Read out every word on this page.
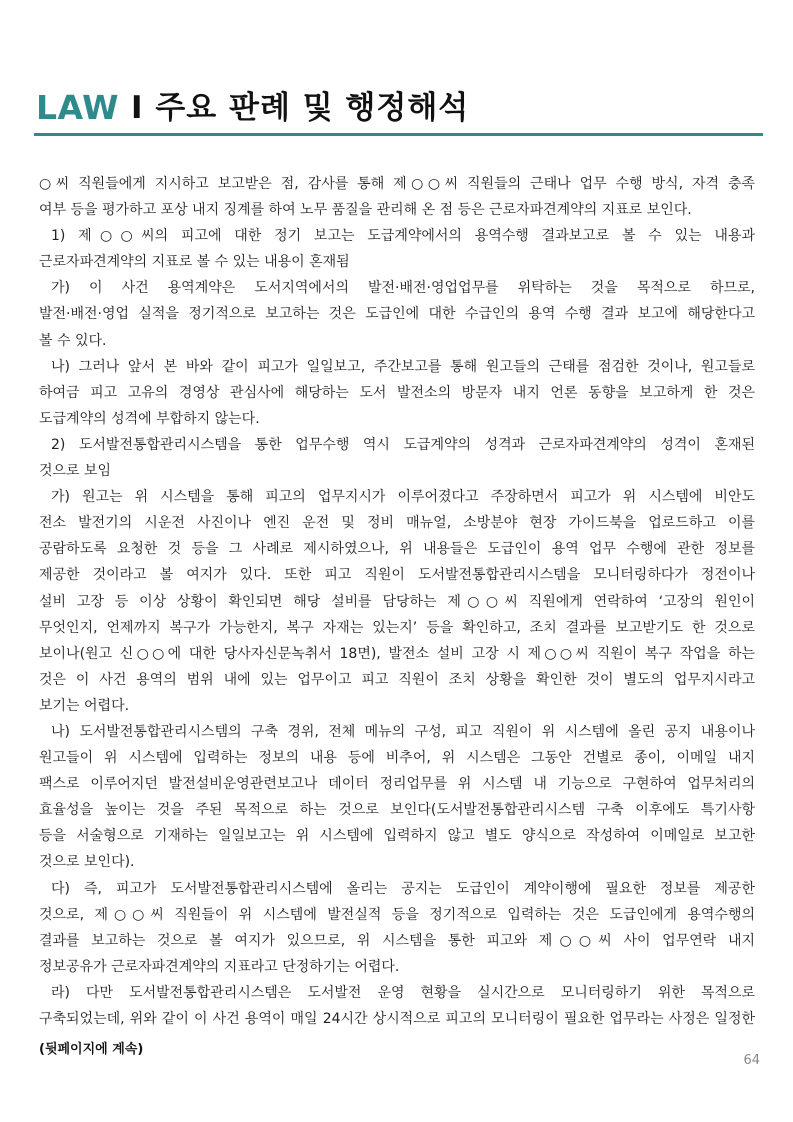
LAW I 주요 판례 및 행정해석
○씨 직원들에게 지시하고 보고받은 점, 감사를 통해 제○○씨 직원들의 근태나 업무 수행 방식, 자격 충족
여부 등을 평가하고 포상 내지 징계를 하여 노무 품질을 관리해 온 점 등은 근로자파견계약의 지표로 보인다.
1) 제○○씨의 피고에 대한 정기 보고는 도급계약에서의 용역수행 결과보고로 볼 수 있는 내용과
근로자파견계약의 지표로 볼 수 있는 내용이 혼재됨
가) 이 사건 용역계약은 도서지역에서의 발전·배전·영업업무를 위탁하는 것을 목적으로 하므로,
발전·배전·영업 실적을 정기적으로 보고하는 것은 도급인에 대한 수급인의 용역 수행 결과 보고에 해당한다고
볼 수 있다.
나) 그러나 앞서 본 바와 같이 피고가 일일보고, 주간보고를 통해 원고들의 근태를 점검한 것이나, 원고들로
하여금 피고 고유의 경영상 관심사에 해당하는 도서 발전소의 방문자 내지 언론 동향을 보고하게 한 것은
도급계약의 성격에 부합하지 않는다.
2) 도서발전통합관리시스템을 통한 업무수행 역시 도급계약의 성격과 근로자파견계약의 성격이 혼재된
것으로 보임
가) 원고는 위 시스템을 통해 피고의 업무지시가 이루어졌다고 주장하면서 피고가 위 시스템에 비안도
전소 발전기의 시운전 사진이나 엔진 운전 및 정비 매뉴얼, 소방분야 현장 가이드북을 업로드하고 이를
공람하도록 요청한 것 등을 그 사례로 제시하였으나, 위 내용들은 도급인이 용역 업무 수행에 관한 정보를
제공한 것이라고 볼 여지가 있다. 또한 피고 직원이 도서발전통합관리시스템을 모니터링하다가 정전이나
설비 고장 등 이상 상황이 확인되면 해당 설비를 담당하는 제○○씨 직원에게 연락하여 ‘고장의 원인이
무엇인지, 언제까지 복구가 가능한지, 복구 자재는 있는지’ 등을 확인하고, 조치 결과를 보고받기도 한 것으로
보이나(원고 신○○에 대한 당사자신문녹취서 18면), 발전소 설비 고장 시 제○○씨 직원이 복구 작업을 하는
것은 이 사건 용역의 범위 내에 있는 업무이고 피고 직원이 조치 상황을 확인한 것이 별도의 업무지시라고
보기는 어렵다.
나) 도서발전통합관리시스템의 구축 경위, 전체 메뉴의 구성, 피고 직원이 위 시스템에 올린 공지 내용이나
원고들이 위 시스템에 입력하는 정보의 내용 등에 비추어, 위 시스템은 그동안 건별로 종이, 이메일 내지
팩스로 이루어지던 발전설비운영관련보고나 데이터 정리업무를 위 시스템 내 기능으로 구현하여 업무처리의
효율성을 높이는 것을 주된 목적으로 하는 것으로 보인다(도서발전통합관리시스템 구축 이후에도 특기사항
등을 서술형으로 기재하는 일일보고는 위 시스템에 입력하지 않고 별도 양식으로 작성하여 이메일로 보고한
것으로 보인다).
다) 즉, 피고가 도서발전통합관리시스템에 올리는 공지는 도급인이 계약이행에 필요한 정보를 제공한
것으로, 제○○씨 직원들이 위 시스템에 발전실적 등을 정기적으로 입력하는 것은 도급인에게 용역수행의
결과를 보고하는 것으로 볼 여지가 있으므로, 위 시스템을 통한 피고와 제○○씨 사이 업무연락 내지
정보공유가 근로자파견계약의 지표라고 단정하기는 어렵다.
라) 다만 도서발전통합관리시스템은 도서발전 운영 현황을 실시간으로 모니터링하기 위한 목적으로
구축되었는데, 위와 같이 이 사건 용역이 매일 24시간 상시적으로 피고의 모니터링이 필요한 업무라는 사정은 일정한
(뒷페이지에 계속)
64
